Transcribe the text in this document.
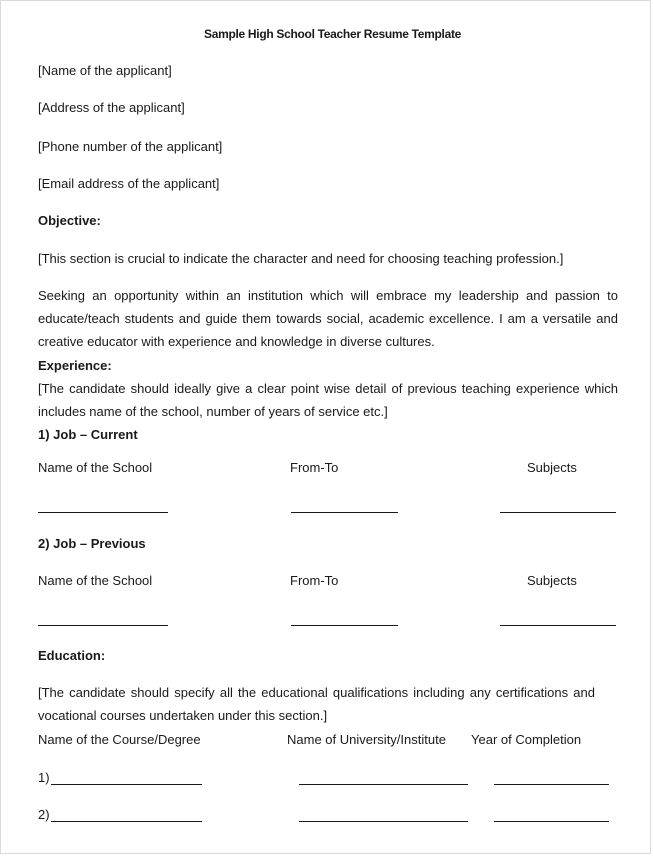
Sample High School Teacher Resume Template
[Name of the applicant]
[Address of the applicant]
[Phone number of the applicant]
[Email address of the applicant]
Objective:
[This section is crucial to indicate the character and need for choosing teaching profession.]
Seeking an opportunity within an institution which will embrace my leadership and passion to
educate/teach students and guide them towards social, academic excellence. I am a versatile and
creative educator with experience and knowledge in diverse cultures.
Experience:
[The candidate should ideally give a clear point wise detail of previous teaching experience which
includes name of the school, number of years of service etc.]
1) Job – Current
Name of the School	From-To	Subjects
2) Job – Previous
Name of the School	From-To	Subjects
Education:
[The candidate should specify all the educational qualifications including any certifications and
vocational courses undertaken under this section.]
Name of the Course/Degree	Name of University/Institute Year of Completion
1)
2)
